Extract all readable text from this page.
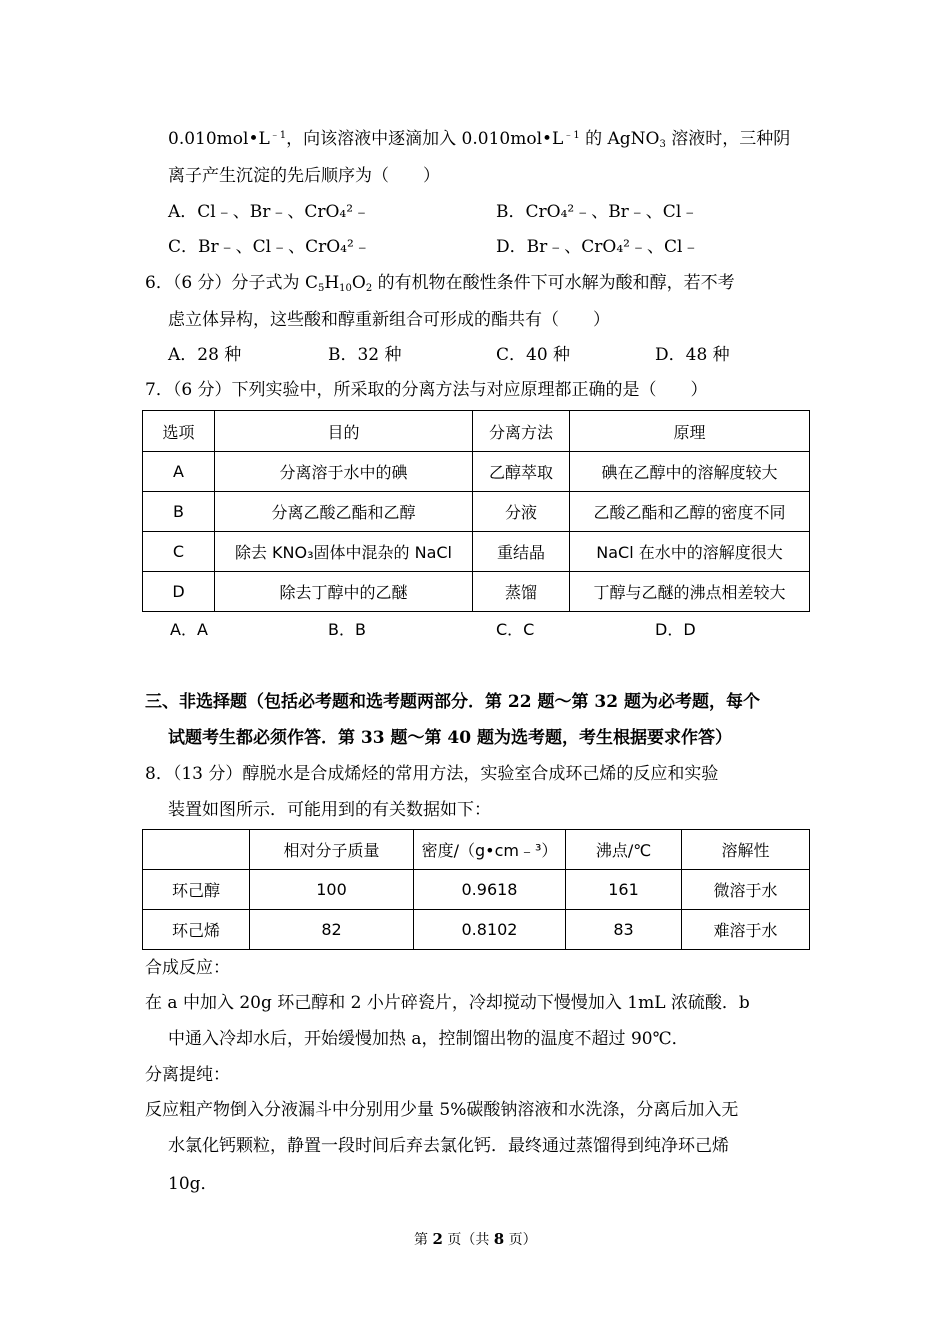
$0.010mol•L^{﹣1}$，向该溶液中逐滴加入 $0.010mol•L^{﹣1}$ 的 AgNO$_3$ 溶液时，三种阴
离子产生沉淀的先后顺序为（　　）
A．Cl﹣、Br﹣、CrO₄²﹣	B．CrO₄²﹣、Br﹣、Cl﹣
C．Br﹣、Cl﹣、CrO₄²﹣	D．Br﹣、CrO₄²﹣、Cl﹣
6．（6 分）分子式为 $C_5H_{10}O_2$ 的有机物在酸性条件下可水解为酸和醇，若不考
虑立体异构，这些酸和醇重新组合可形成的酯共有（　　）
A．28 种	B．32 种	C．40 种	D．48 种
7．（6 分）下列实验中，所采取的分离方法与对应原理都正确的是（　　）
选项	目的	分离方法	原理
A	分离溶于水中的碘	乙醇萃取	碘在乙醇中的溶解度较大
B	分离乙酸乙酯和乙醇	分液	乙酸乙酯和乙醇的密度不同
C	除去 KNO₃固体中混杂的 NaCl	重结晶	NaCl 在水中的溶解度很大
D	除去丁醇中的乙醚	蒸馏	丁醇与乙醚的沸点相差较大
A．A	B．B	C．C	D．D
三、非选择题（包括必考题和选考题两部分．第 22 题～第 32 题为必考题，每个
试题考生都必须作答．第 33 题～第 40 题为选考题，考生根据要求作答）
8．（13 分）醇脱水是合成烯烃的常用方法，实验室合成环己烯的反应和实验
装置如图所示．可能用到的有关数据如下：
	相对分子质量	密度/（g•cm﹣³）	沸点/℃	溶解性
环己醇	100	0.9618	161	微溶于水
环己烯	82	0.8102	83	难溶于水
合成反应：
在 a 中加入 20g 环己醇和 2 小片碎瓷片，冷却搅动下慢慢加入 1mL 浓硫酸．b
中通入冷却水后，开始缓慢加热 a，控制馏出物的温度不超过 90℃．
分离提纯：
反应粗产物倒入分液漏斗中分别用少量 5%碳酸钠溶液和水洗涤，分离后加入无
水氯化钙颗粒，静置一段时间后弃去氯化钙．最终通过蒸馏得到纯净环己烯
10g．
第 2 页（共 8 页）
